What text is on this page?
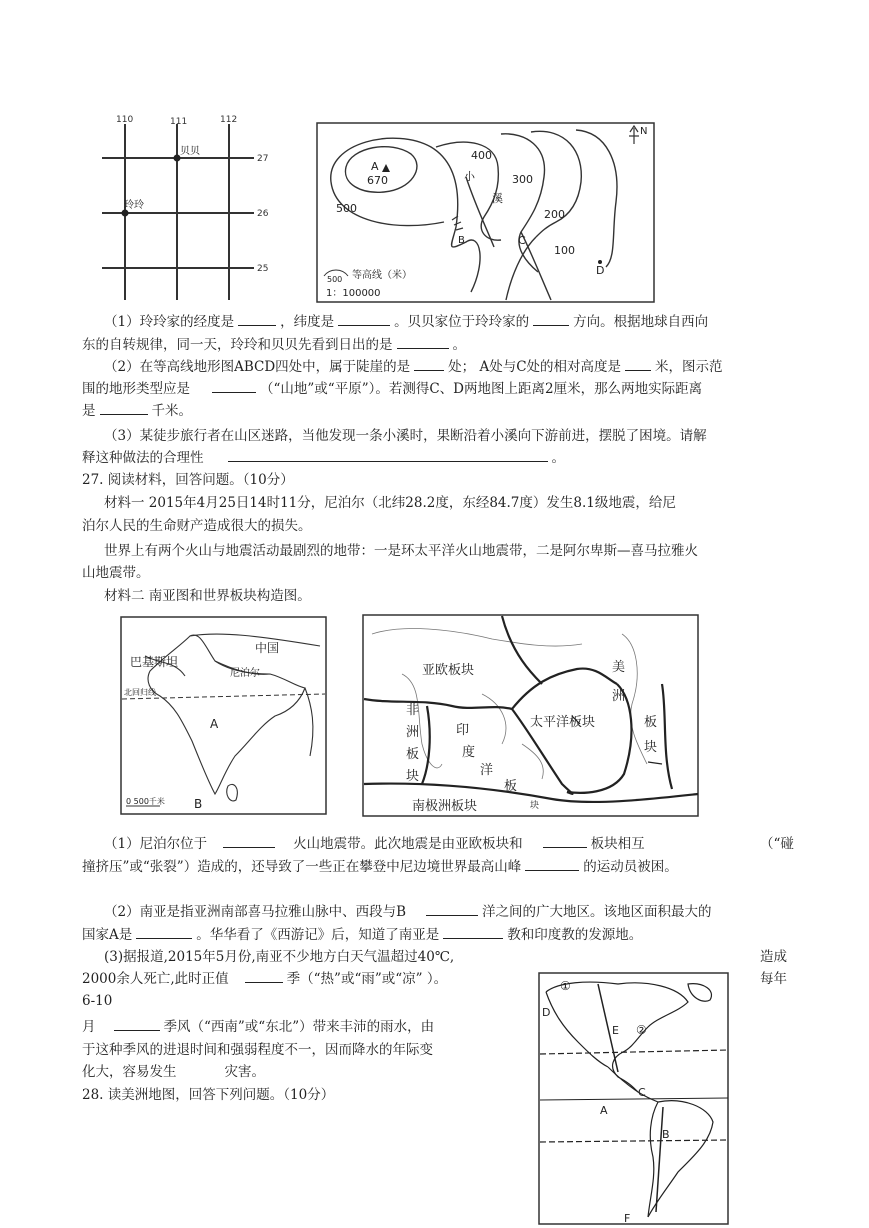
110	111	112
27
26
25
贝贝
玲玲
N
A
670
400
300
500	200
100
小
溪
B	C
D
500 等高线（米）
1：100000
（1）玲玲家的经度是	，纬度是	。贝贝家位于玲玲家的	方向。根据地球自西向
东的自转规律，同一天，玲玲和贝贝先看到日出的是	。
（2）在等高线地形图ABCD四处中，属于陡崖的是	处； A处与C处的相对高度是	米，图示范
围的地形类型应是	（“山地”或“平原”）。若测得C、D两地图上距离2厘米，那么两地实际距离
是	千米。
（3）某徒步旅行者在山区迷路，当他发现一条小溪时，果断沿着小溪向下游前进，摆脱了困境。请解
释这种做法的合理性	。
27. 阅读材料，回答问题。（10分）
材料一 2015年4月25日14时11分，尼泊尔（北纬28.2度，东经84.7度）发生8.1级地震，给尼
泊尔人民的生命财产造成很大的损失。
世界上有两个火山与地震活动最剧烈的地带：一是环太平洋火山地震带，二是阿尔卑斯—喜马拉雅火
山地震带。
材料二 南亚图和世界板块构造图。
中国
巴基斯坦
尼泊尔
北回归线
A
B
0 500千米
亚欧板块	美
洲
板
块
太平洋板块
非
洲
板
块
印
度
洋
板
南极洲板块	块
（1）尼泊尔位于	火山地震带。此次地震是由亚欧板块和	板块相互	（“碰
撞挤压”或“张裂”）造成的，还导致了一些正在攀登中尼边境世界最高山峰	的运动员被困。
（2）南亚是指亚洲南部喜马拉雅山脉中、西段与B	洋之间的广大地区。该地区面积最大的
国家A是	。华华看了《西游记》后，知道了南亚是	教和印度教的发源地。
(3)据报道,2015年5月份,南亚不少地方白天气温超过40℃,	造成
2000余人死亡,此时正值	季（“热”或“雨”或“凉” ）。	每年
6-10
月	季风（“西南”或“东北”）带来丰沛的雨水，由
于这种季风的进退时间和强弱程度不一，因而降水的年际变
化大，容易发生	灾害。
28. 读美洲地图，回答下列问题。（10分）
①
②
D
E
C
A
B
F
